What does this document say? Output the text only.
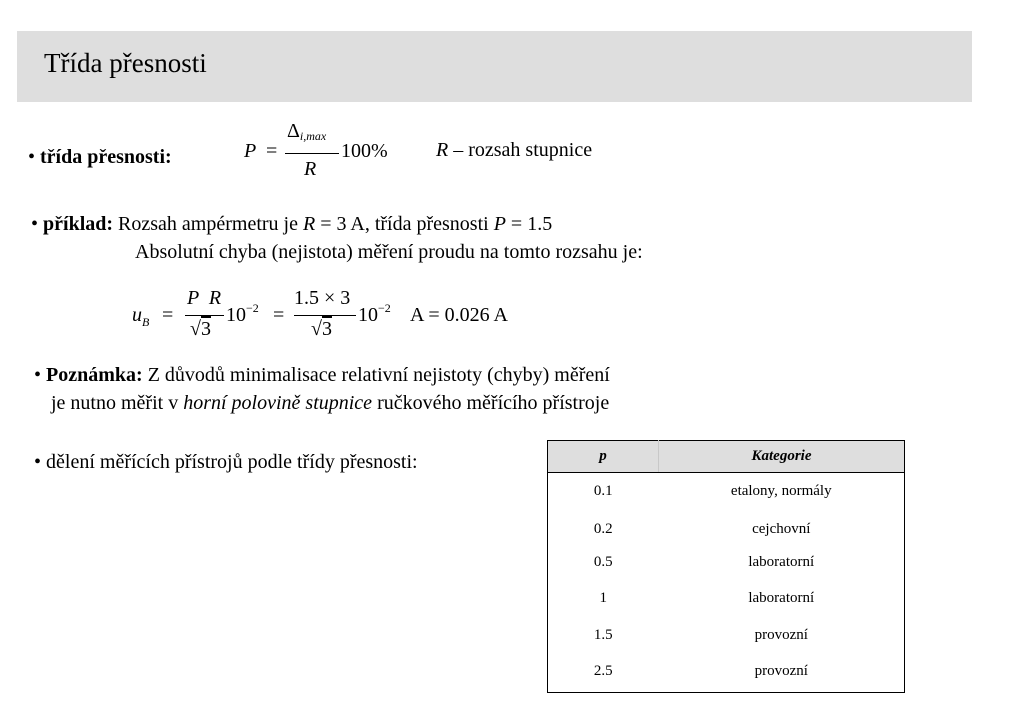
Třída přesnosti
• třída přesnosti:	P =
Δi,max
R
100% R – rozsah stupnice
• příklad: Rozsah ampérmetru je R = 3 A, třída přesnosti P = 1.5
Absolutní chyba (nejistota) měření proudu na tomto rozsahu je:
$u_B$ =
P  R
√3
$10^{-2}$ =
1.5 × 3
√3
$10^{-2}$ A = 0.026 A
• Poznámka: Z důvodů minimalisace relativní nejistoty (chyby) měření
je nutno měřit v horní polovině stupnice ručkového měřícího přístroje
• dělení měřících přístrojů podle třídy přesnosti:	p	Kategorie
0.1	etalony, normály
0.2	cejchovní
0.5	laboratorní
1	laboratorní
1.5	provozní
2.5	provozní
